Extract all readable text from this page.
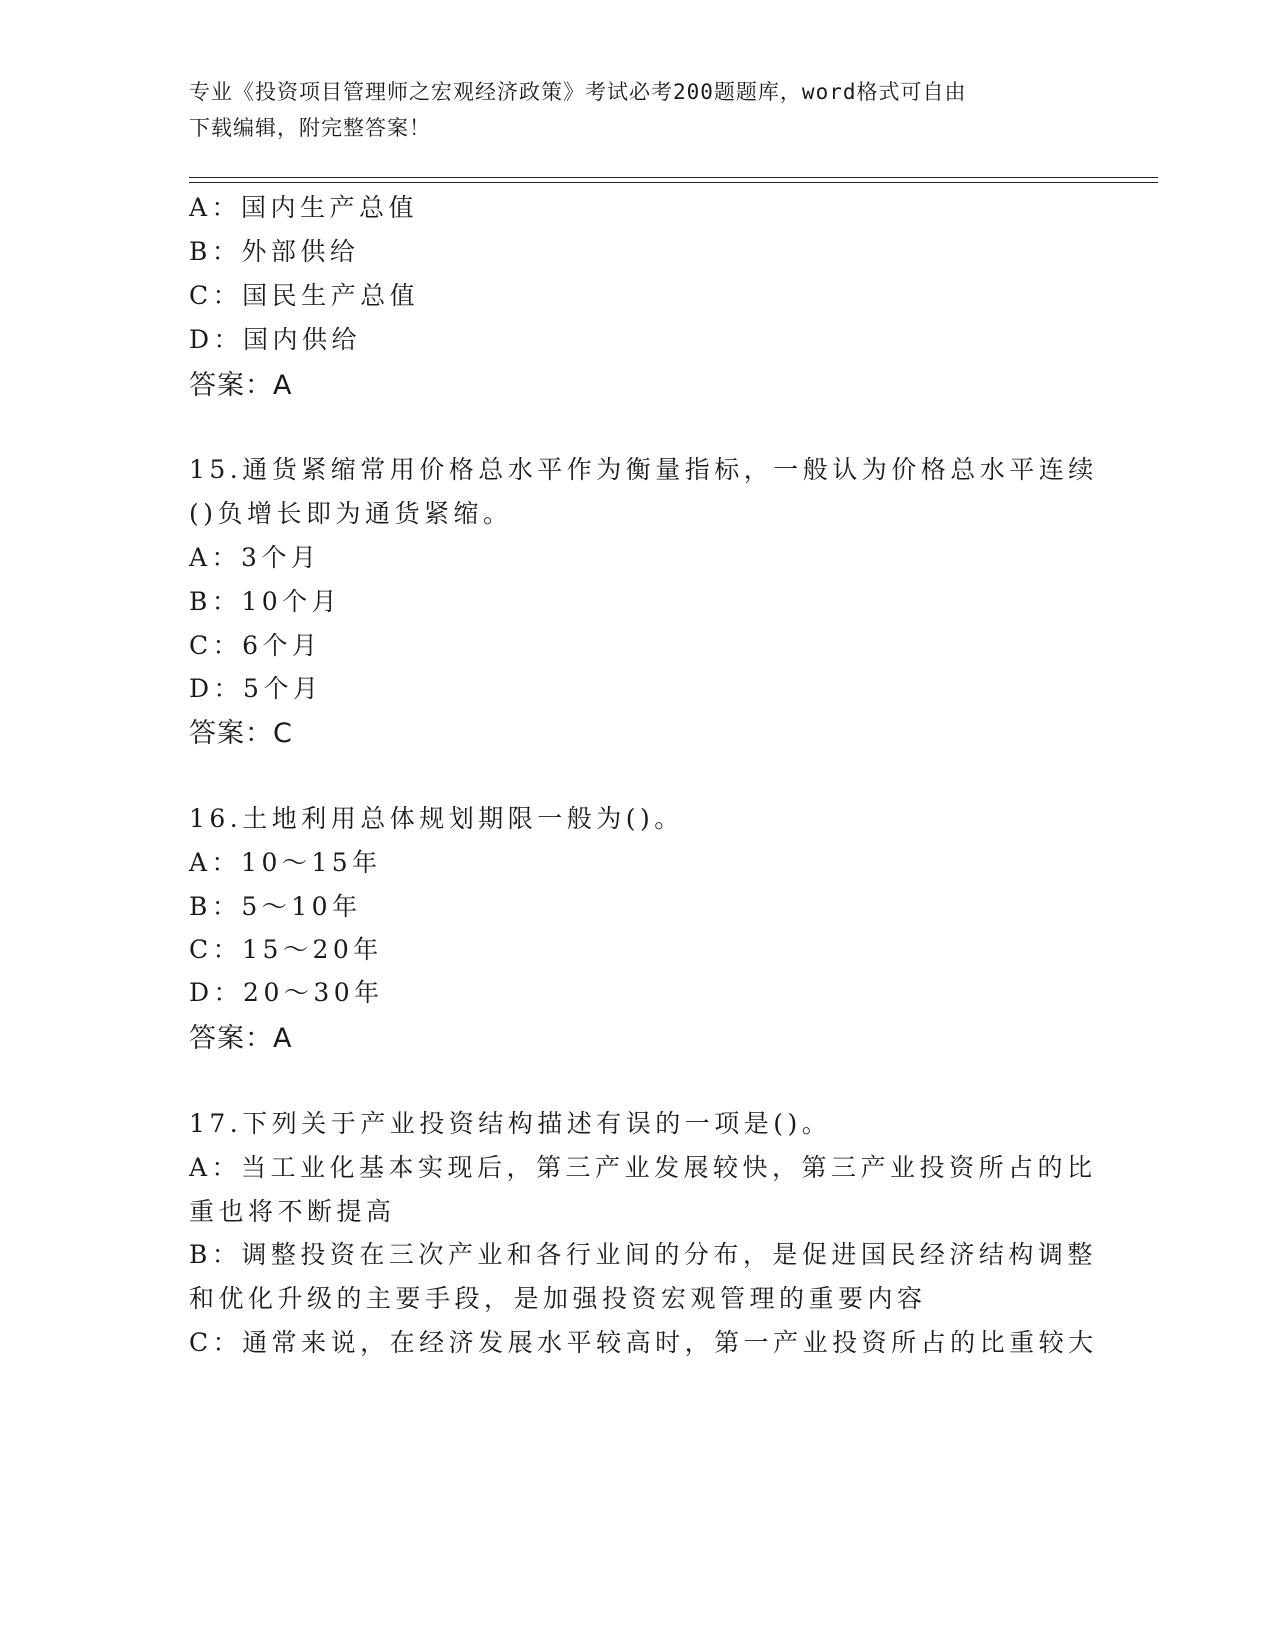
专业《投资项目管理师之宏观经济政策》考试必考200题题库，word格式可自由
下载编辑，附完整答案！
A：国内生产总值
B：外部供给
C：国民生产总值
D：国内供给
答案：A
15.通货紧缩常用价格总水平作为衡量指标，一般认为价格总水平连续
()负增长即为通货紧缩。
A：3个月
B：10个月
C：6个月
D：5个月
答案：C
16.土地利用总体规划期限一般为()。
A：10～15年
B：5～10年
C：15～20年
D：20～30年
答案：A
17.下列关于产业投资结构描述有误的一项是()。
A：当工业化基本实现后，第三产业发展较快，第三产业投资所占的比
重也将不断提高
B：调整投资在三次产业和各行业间的分布，是促进国民经济结构调整
和优化升级的主要手段，是加强投资宏观管理的重要内容
C：通常来说，在经济发展水平较高时，第一产业投资所占的比重较大
